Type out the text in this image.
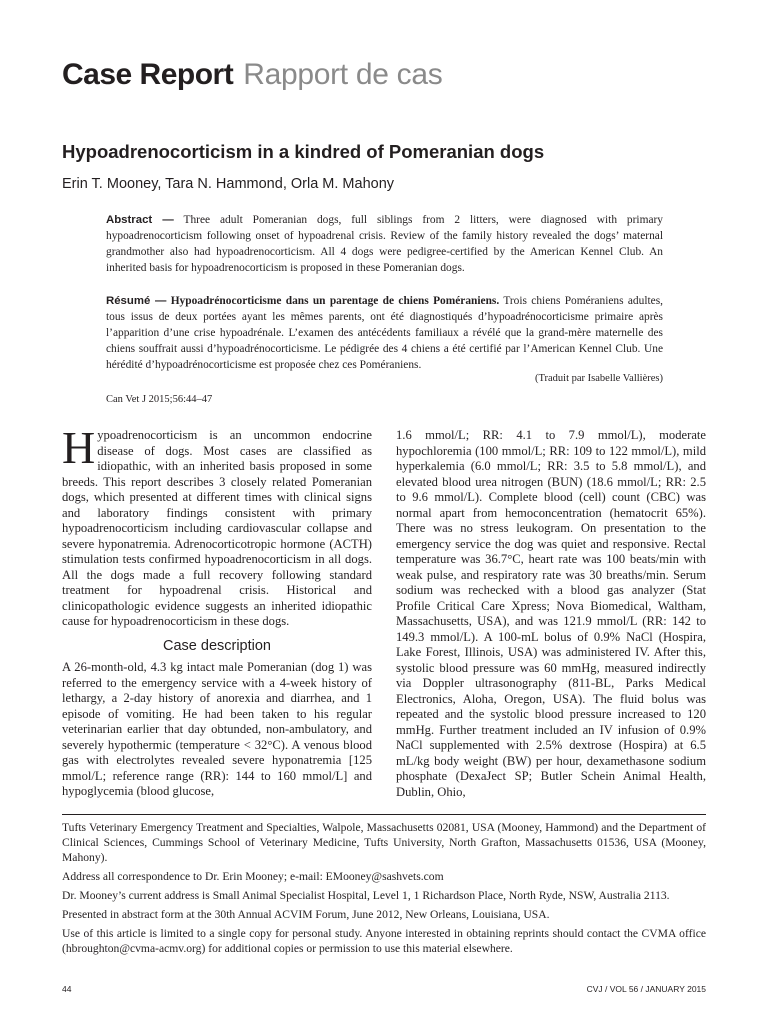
Case Report Rapport de cas
Hypoadrenocorticism in a kindred of Pomeranian dogs
Erin T. Mooney, Tara N. Hammond, Orla M. Mahony
Abstract — Three adult Pomeranian dogs, full siblings from 2 litters, were diagnosed with primary hypoadrenocorticism following onset of hypoadrenal crisis. Review of the family history revealed the dogs’ maternal grandmother also had hypoadrenocorticism. All 4 dogs were pedigree-certified by the American Kennel Club. An inherited basis for hypoadrenocorticism is proposed in these Pomeranian dogs.
Résumé — Hypoadrénocorticisme dans un parentage de chiens Poméraniens. Trois chiens Poméraniens adultes, tous issus de deux portées ayant les mêmes parents, ont été diagnostiqués d’hypoadrénocorticisme primaire après l’apparition d’une crise hypoadrénale. L’examen des antécédents familiaux a révélé que la grand-mère maternelle des chiens souffrait aussi d’hypoadrénocorticisme. Le pédigrée des 4 chiens a été certifié par l’American Kennel Club. Une hérédité d’hypoadrénocorticisme est proposée chez ces Poméraniens.
(Traduit par Isabelle Vallières)
Can Vet J 2015;56:44–47

Hypoadrenocorticism is an uncommon endocrine disease of dogs. Most cases are classified as idiopathic, with an inherited basis proposed in some breeds. This report describes 3 closely related Pomeranian dogs, which presented at different times with clinical signs and laboratory findings consistent with primary hypoadrenocorticism including cardiovascular collapse and severe hyponatremia. Adrenocorticotropic hormone (ACTH) stimulation tests confirmed hypoadrenocorticism in all dogs. All the dogs made a full recovery following standard treatment for hypoadrenal crisis. Historical and clinicopathologic evidence suggests an inherited idiopathic cause for hypoadrenocorticism in these dogs.

Case description

A 26-month-old, 4.3 kg intact male Pomeranian (dog 1) was referred to the emergency service with a 4-week history of lethargy, a 2-day history of anorexia and diarrhea, and 1 episode of vomiting. He had been taken to his regular veterinarian earlier that day obtunded, non-ambulatory, and severely hypothermic (temperature < 32°C). A venous blood gas with electrolytes revealed severe hyponatremia [125 mmol/L; reference range (RR): 144 to 160 mmol/L] and hypoglycemia (blood glucose,

1.6 mmol/L; RR: 4.1 to 7.9 mmol/L), moderate hypochloremia (100 mmol/L; RR: 109 to 122 mmol/L), mild hyperkalemia (6.0 mmol/L; RR: 3.5 to 5.8 mmol/L), and elevated blood urea nitrogen (BUN) (18.6 mmol/L; RR: 2.5 to 9.6 mmol/L). Complete blood (cell) count (CBC) was normal apart from hemoconcentration (hematocrit 65%). There was no stress leukogram. On presentation to the emergency service the dog was quiet and responsive. Rectal temperature was 36.7°C, heart rate was 100 beats/min with weak pulse, and respiratory rate was 30 breaths/min. Serum sodium was rechecked with a blood gas analyzer (Stat Profile Critical Care Xpress; Nova Biomedical, Waltham, Massachusetts, USA), and was 121.9 mmol/L (RR: 142 to 149.3 mmol/L). A 100-mL bolus of 0.9% NaCl (Hospira, Lake Forest, Illinois, USA) was administered IV. After this, systolic blood pressure was 60 mmHg, measured indirectly via Doppler ultrasonography (811-BL, Parks Medical Electronics, Aloha, Oregon, USA). The fluid bolus was repeated and the systolic blood pressure increased to 120 mmHg. Further treatment included an IV infusion of 0.9% NaCl supplemented with 2.5% dextrose (Hospira) at 6.5 mL/kg body weight (BW) per hour, dexamethasone sodium phosphate (DexaJect SP; Butler Schein Animal Health, Dublin, Ohio,

Tufts Veterinary Emergency Treatment and Specialties, Walpole, Massachusetts 02081, USA (Mooney, Hammond) and the Department of Clinical Sciences, Cummings School of Veterinary Medicine, Tufts University, North Grafton, Massachusetts 01536, USA (Mooney, Mahony).

Address all correspondence to Dr. Erin Mooney; e-mail: EMooney@sashvets.com

Dr. Mooney’s current address is Small Animal Specialist Hospital, Level 1, 1 Richardson Place, North Ryde, NSW, Australia 2113.

Presented in abstract form at the 30th Annual ACVIM Forum, June 2012, New Orleans, Louisiana, USA.

Use of this article is limited to a single copy for personal study. Anyone interested in obtaining reprints should contact the CVMA office (hbroughton@cvma-acmv.org) for additional copies or permission to use this material elsewhere.

44	CVJ / VOL 56 / JANUARY 2015
